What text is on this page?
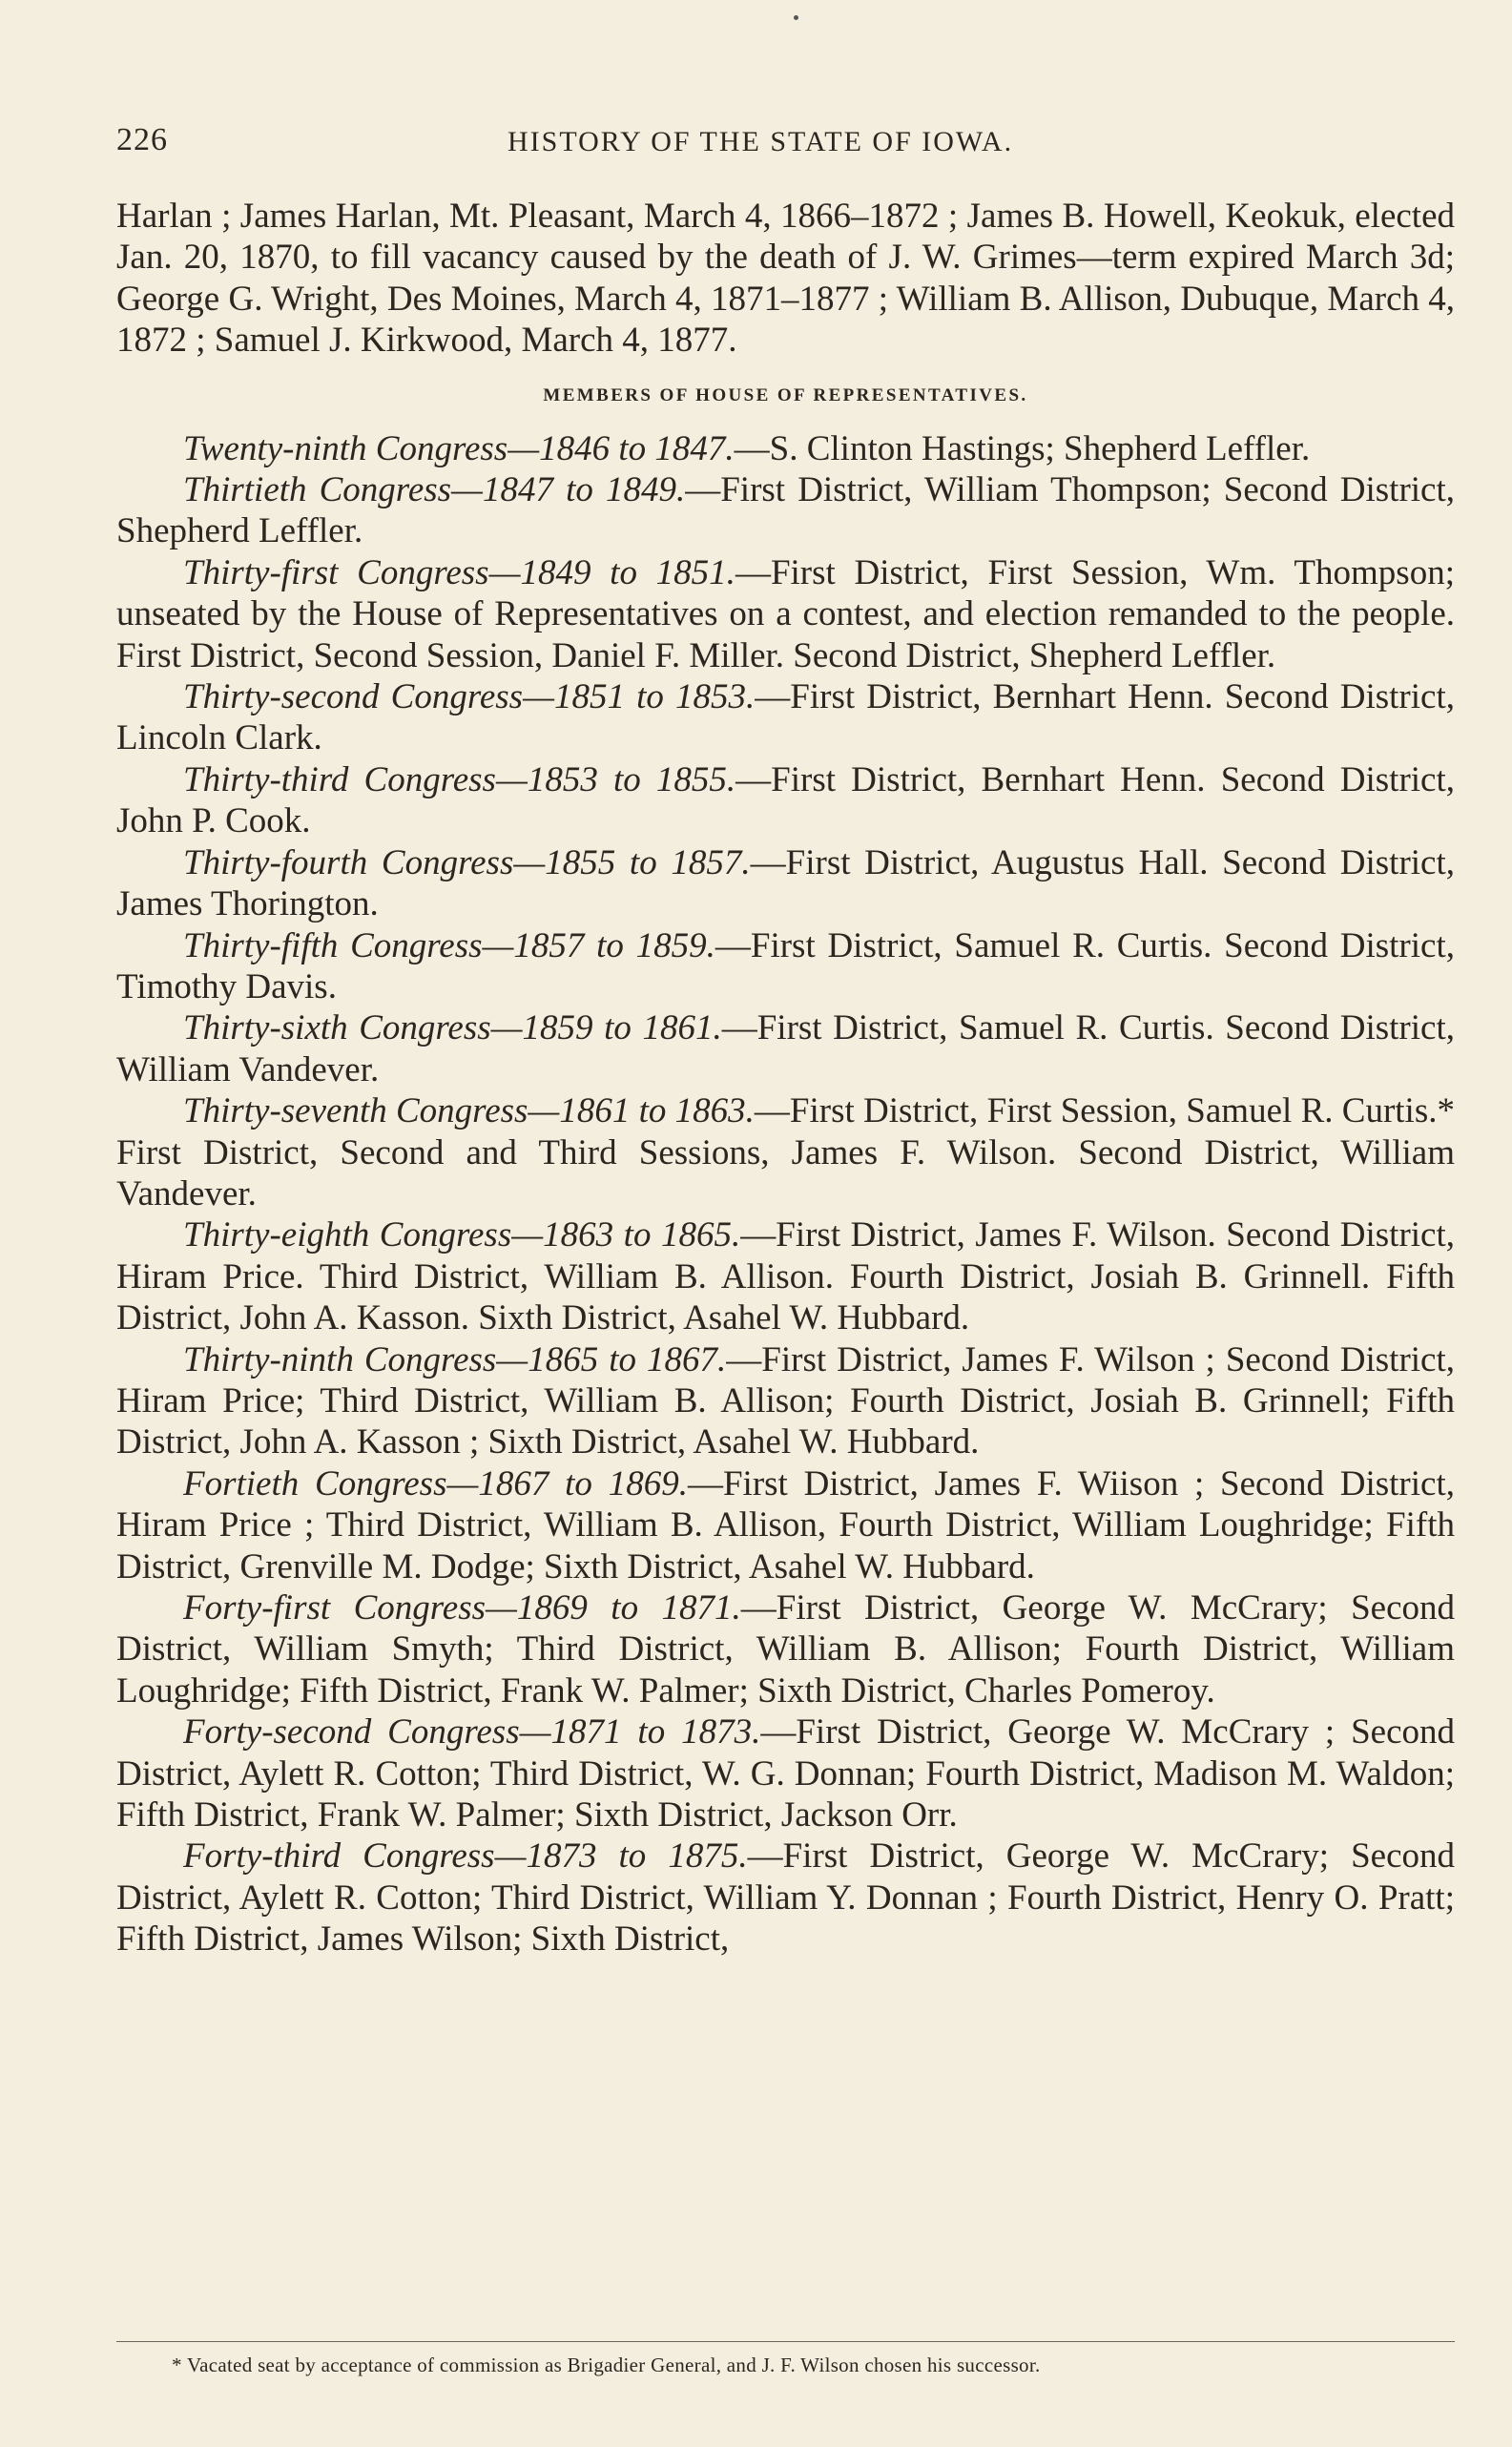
226	HISTORY OF THE STATE OF IOWA.

Harlan ; James Harlan, Mt. Pleasant, March 4, 1866–1872 ; James B. Howell, Keokuk, elected Jan. 20, 1870, to fill vacancy caused by the death of J. W. Grimes—term expired March 3d; George G. Wright, Des Moines, March 4, 1871–1877 ; William B. Allison, Dubuque, March 4, 1872 ; Samuel J. Kirkwood, March 4, 1877.

MEMBERS OF HOUSE OF REPRESENTATIVES.

Twenty-ninth Congress—1846 to 1847.—S. Clinton Hastings; Shepherd Leffler.

Thirtieth Congress—1847 to 1849.—First District, William Thompson; Second District, Shepherd Leffler.

Thirty-first Congress—1849 to 1851.—First District, First Session, Wm. Thompson; unseated by the House of Representatives on a contest, and election remanded to the people. First District, Second Session, Daniel F. Miller. Second District, Shepherd Leffler.

Thirty-second Congress—1851 to 1853.—First District, Bernhart Henn. Second District, Lincoln Clark.

Thirty-third Congress—1853 to 1855.—First District, Bernhart Henn. Second District, John P. Cook.

Thirty-fourth Congress—1855 to 1857.—First District, Augustus Hall. Second District, James Thorington.

Thirty-fifth Congress—1857 to 1859.—First District, Samuel R. Curtis. Second District, Timothy Davis.

Thirty-sixth Congress—1859 to 1861.—First District, Samuel R. Curtis. Second District, William Vandever.

Thirty-seventh Congress—1861 to 1863.—First District, First Session, Samuel R. Curtis.* First District, Second and Third Sessions, James F. Wilson. Second District, William Vandever.

Thirty-eighth Congress—1863 to 1865.—First District, James F. Wilson. Second District, Hiram Price. Third District, William B. Allison. Fourth District, Josiah B. Grinnell. Fifth District, John A. Kasson. Sixth District, Asahel W. Hubbard.

Thirty-ninth Congress—1865 to 1867.—First District, James F. Wilson ; Second District, Hiram Price; Third District, William B. Allison; Fourth District, Josiah B. Grinnell; Fifth District, John A. Kasson ; Sixth District, Asahel W. Hubbard.

Fortieth Congress—1867 to 1869.—First District, James F. Wiison ; Second District, Hiram Price ; Third District, William B. Allison, Fourth District, William Loughridge; Fifth District, Grenville M. Dodge; Sixth District, Asahel W. Hubbard.

Forty-first Congress—1869 to 1871.—First District, George W. McCrary; Second District, William Smyth; Third District, William B. Allison; Fourth District, William Loughridge; Fifth District, Frank W. Palmer; Sixth District, Charles Pomeroy.

Forty-second Congress—1871 to 1873.—First District, George W. McCrary ; Second District, Aylett R. Cotton; Third District, W. G. Donnan; Fourth District, Madison M. Waldon; Fifth District, Frank W. Palmer; Sixth District, Jackson Orr.

Forty-third Congress—1873 to 1875.—First District, George W. McCrary; Second District, Aylett R. Cotton; Third District, William Y. Donnan ; Fourth District, Henry O. Pratt; Fifth District, James Wilson; Sixth District,

* Vacated seat by acceptance of commission as Brigadier General, and J. F. Wilson chosen his successor.
